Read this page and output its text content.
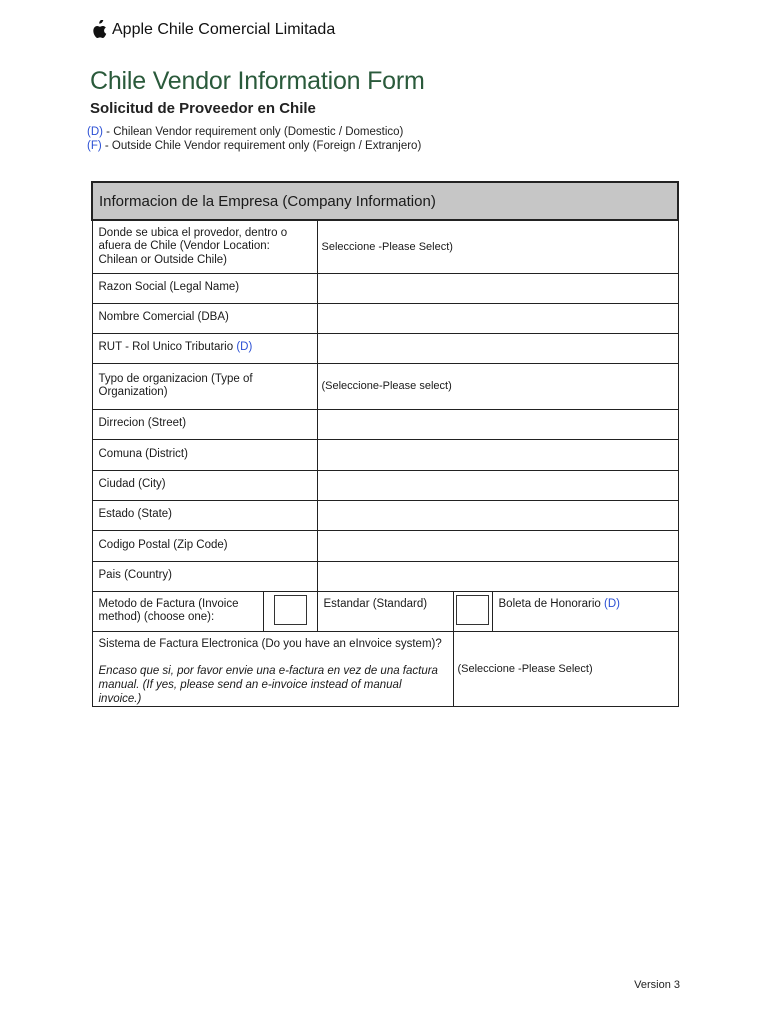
Apple Chile Comercial Limitada
Chile Vendor Information Form
Solicitud de Proveedor en Chile
(D) - Chilean Vendor requirement only (Domestic / Domestico)
(F) - Outside Chile Vendor requirement only (Foreign / Extranjero)
Informacion de la Empresa (Company Information)				
Donde se ubica el provedor, dentro o afuera de Chile (Vendor Location: Chilean or Outside Chile)		Seleccione -Please Select)		
Razon Social (Legal Name)				
Nombre Comercial (DBA)				
RUT - Rol Unico Tributario (D)				
Typo de organizacion (Type of Organization)		(Seleccione-Please select)		
Dirrecion (Street)				
Comuna (District)				
Ciudad (City)				
Estado (State)				
Codigo Postal (Zip Code)				
Pais (Country)				
Metodo de Factura (Invoice method) (choose one):		Estandar (Standard)		Boleta de Honorario (D)
Sistema de Factura Electronica (Do you have an eInvoice system)?
Encaso que si, por favor envie una e-factura en vez de una factura manual. (If yes, please send an e-invoice instead of manual invoice.)			(Seleccione -Please Select)	
Version 3
